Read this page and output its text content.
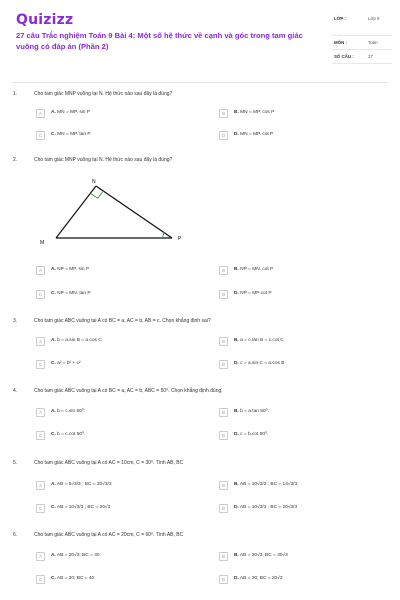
Quizizz
27 câu Trắc nghiệm Toán 9 Bài 4: Một số hệ thức về cạnh và góc trong tam giác vuông có đáp án (Phần 2)
LỚP :	Lớp 9
MÔN :	Toán
SỐ CÂU :	27
1.	Cho tam giác MNP vuông tại N. Hệ thức nào sau đây là đúng?
A	A. MN = MP. sin P	B	B. MN = MP. cos P
C	C. MN = MP. tan P	D	D. MN = MP. cot P
2.	Cho tam giác MNP vuông tại N. Hệ thức nào sau đây là đúng?
N
M
P
A	A. NP = MP. sin P	B	B. NP = MN. cot P
C	C. NP = MN. tan P	D	D. NP = MP cot P
3.	Cho tam giác ABC vuông tại A có BC = a, AC = b, AB = c. Chọn khẳng định sai?
A	A. b = a.sin B = a.cos C	B	B. a = c.tan B = c.cot C
C	C. a² = b² + c²	D	D. c = a.sin C = a.cos B
4.	Cho tam giác ABC vuông tại A có BC = a, AC = b, ABC = 50⁰. Chọn khẳng định đúng.
A	A. b = c.sin 50⁰.	B	B. b = a.tan 50⁰.
C	C. b = c.cot 50⁰.	D	D. c = b.cot 50⁰.
5.	Cho tam giác ABC vuông tại A có AC = 10cm, C = 30⁰. Tính AB, BC
A	A. AB = 5√3/3 ; BC = 20√3/3	B	B. AB = 10√3/3 ; BC = 14√3/3
C	C. AB = 10√3/3 ; BC = 20√3	D	D. AB = 10√3/3 ; BC = 20√3/3
6.	Cho tam giác ABC vuông tại A có AC = 20cm, C = 60⁰. Tính AB, BC
A	A. AB = 20√3; BC = 40	B	B. AB = 20√3; BC = 40√3
C	C. AB = 20; BC = 40	D	D. AB = 20; BC = 20√3
